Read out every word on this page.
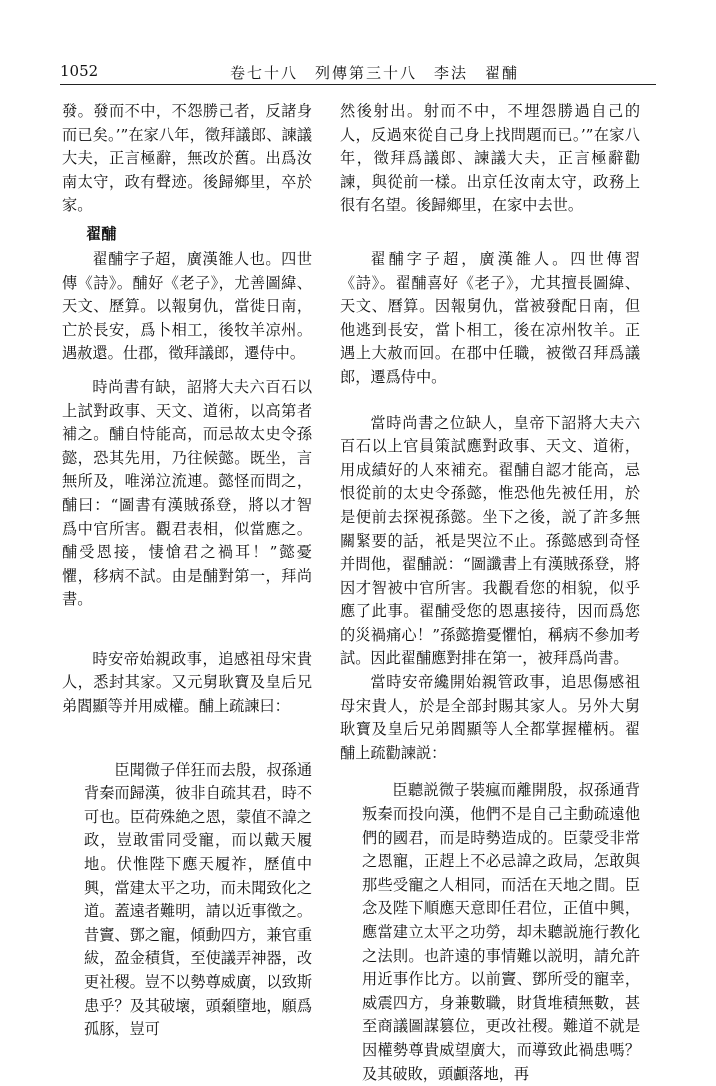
1052	卷七十八　列傳第三十八　李法　翟酺

發。發而不中，不怨勝己者，反諸身而已矣。’”在家八年，徵拜議郎、諫議大夫，正言極辭，無改於舊。出爲汝南太守，政有聲迹。後歸鄉里，卒於家。

翟酺

翟酺字子超，廣漢雒人也。四世傳《詩》。酺好《老子》，尤善圖緯、天文、歷算。以報舅仇，當徙日南，亡於長安，爲卜相工，後牧羊凉州。遇赦還。仕郡，徵拜議郎，遷侍中。

時尚書有缺，詔將大夫六百石以上試對政事、天文、道術，以高第者補之。酺自恃能高，而忌故太史令孫懿，恐其先用，乃往候懿。既坐，言無所及，唯涕泣流連。懿怪而問之，酺曰：“圖書有漢賊孫登，將以才智爲中官所害。觀君表相，似當應之。酺受恩接，悽愴君之禍耳！”懿憂懼，移病不試。由是酺對第一，拜尚書。

時安帝始親政事，追感祖母宋貴人，悉封其家。又元舅耿寶及皇后兄弟閻顯等并用威權。酺上疏諫曰：

臣聞微子佯狂而去殷，叔孫通背秦而歸漢，彼非自疏其君，時不可也。臣荷殊絶之恩，蒙值不諱之政，豈敢雷同受寵，而以戴天履地。伏惟陛下應天履祚，歷值中興，當建太平之功，而未聞致化之道。蓋遠者難明，請以近事徵之。昔竇、鄧之寵，傾動四方，兼官重紱，盈金積貨，至使議弄神器，改更社稷。豈不以勢尊威廣，以致斯患乎？及其破壞，頭顙墮地，願爲孤豚，豈可

然後射出。射而不中，不埋怨勝過自己的人，反過來從自己身上找問題而已。’”在家八年，徵拜爲議郎、諫議大夫，正言極辭勸諫，與從前一樣。出京任汝南太守，政務上很有名望。後歸鄉里，在家中去世。

翟酺字子超，廣漢雒人。四世傳習《詩》。翟酺喜好《老子》，尤其擅長圖緯、天文、曆算。因報舅仇，當被發配日南，但他逃到長安，當卜相工，後在凉州牧羊。正遇上大赦而回。在郡中任職，被徵召拜爲議郎，遷爲侍中。

當時尚書之位缺人，皇帝下詔將大夫六百石以上官員策試應對政事、天文、道術，用成績好的人來補充。翟酺自認才能高，忌恨從前的太史令孫懿，惟恐他先被任用，於是便前去探視孫懿。坐下之後，説了許多無關緊要的話，衹是哭泣不止。孫懿感到奇怪并問他，翟酺説：“圖讖書上有漢賊孫登，將因才智被中官所害。我觀看您的相貌，似乎應了此事。翟酺受您的恩惠接待，因而爲您的災禍痛心！”孫懿擔憂懼怕，稱病不參加考試。因此翟酺應對排在第一，被拜爲尚書。

當時安帝纔開始親管政事，追思傷感祖母宋貴人，於是全部封賜其家人。另外大舅耿寶及皇后兄弟閻顯等人全都掌握權柄。翟酺上疏勸諫説：

臣聽説微子裝瘋而離開殷，叔孫通背叛秦而投向漢，他們不是自己主動疏遠他們的國君，而是時勢造成的。臣蒙受非常之恩寵，正趕上不必忌諱之政局，怎敢與那些受寵之人相同，而活在天地之間。臣念及陛下順應天意即任君位，正值中興，應當建立太平之功勞，却未聽説施行教化之法則。也許遠的事情難以説明，請允許用近事作比方。以前竇、鄧所受的寵幸，威震四方，身兼數職，財貨堆積無數，甚至商議圖謀篡位，更改社稷。難道不就是因權勢尊貴威望廣大，而導致此禍患嗎？及其破敗，頭顱落地，再
